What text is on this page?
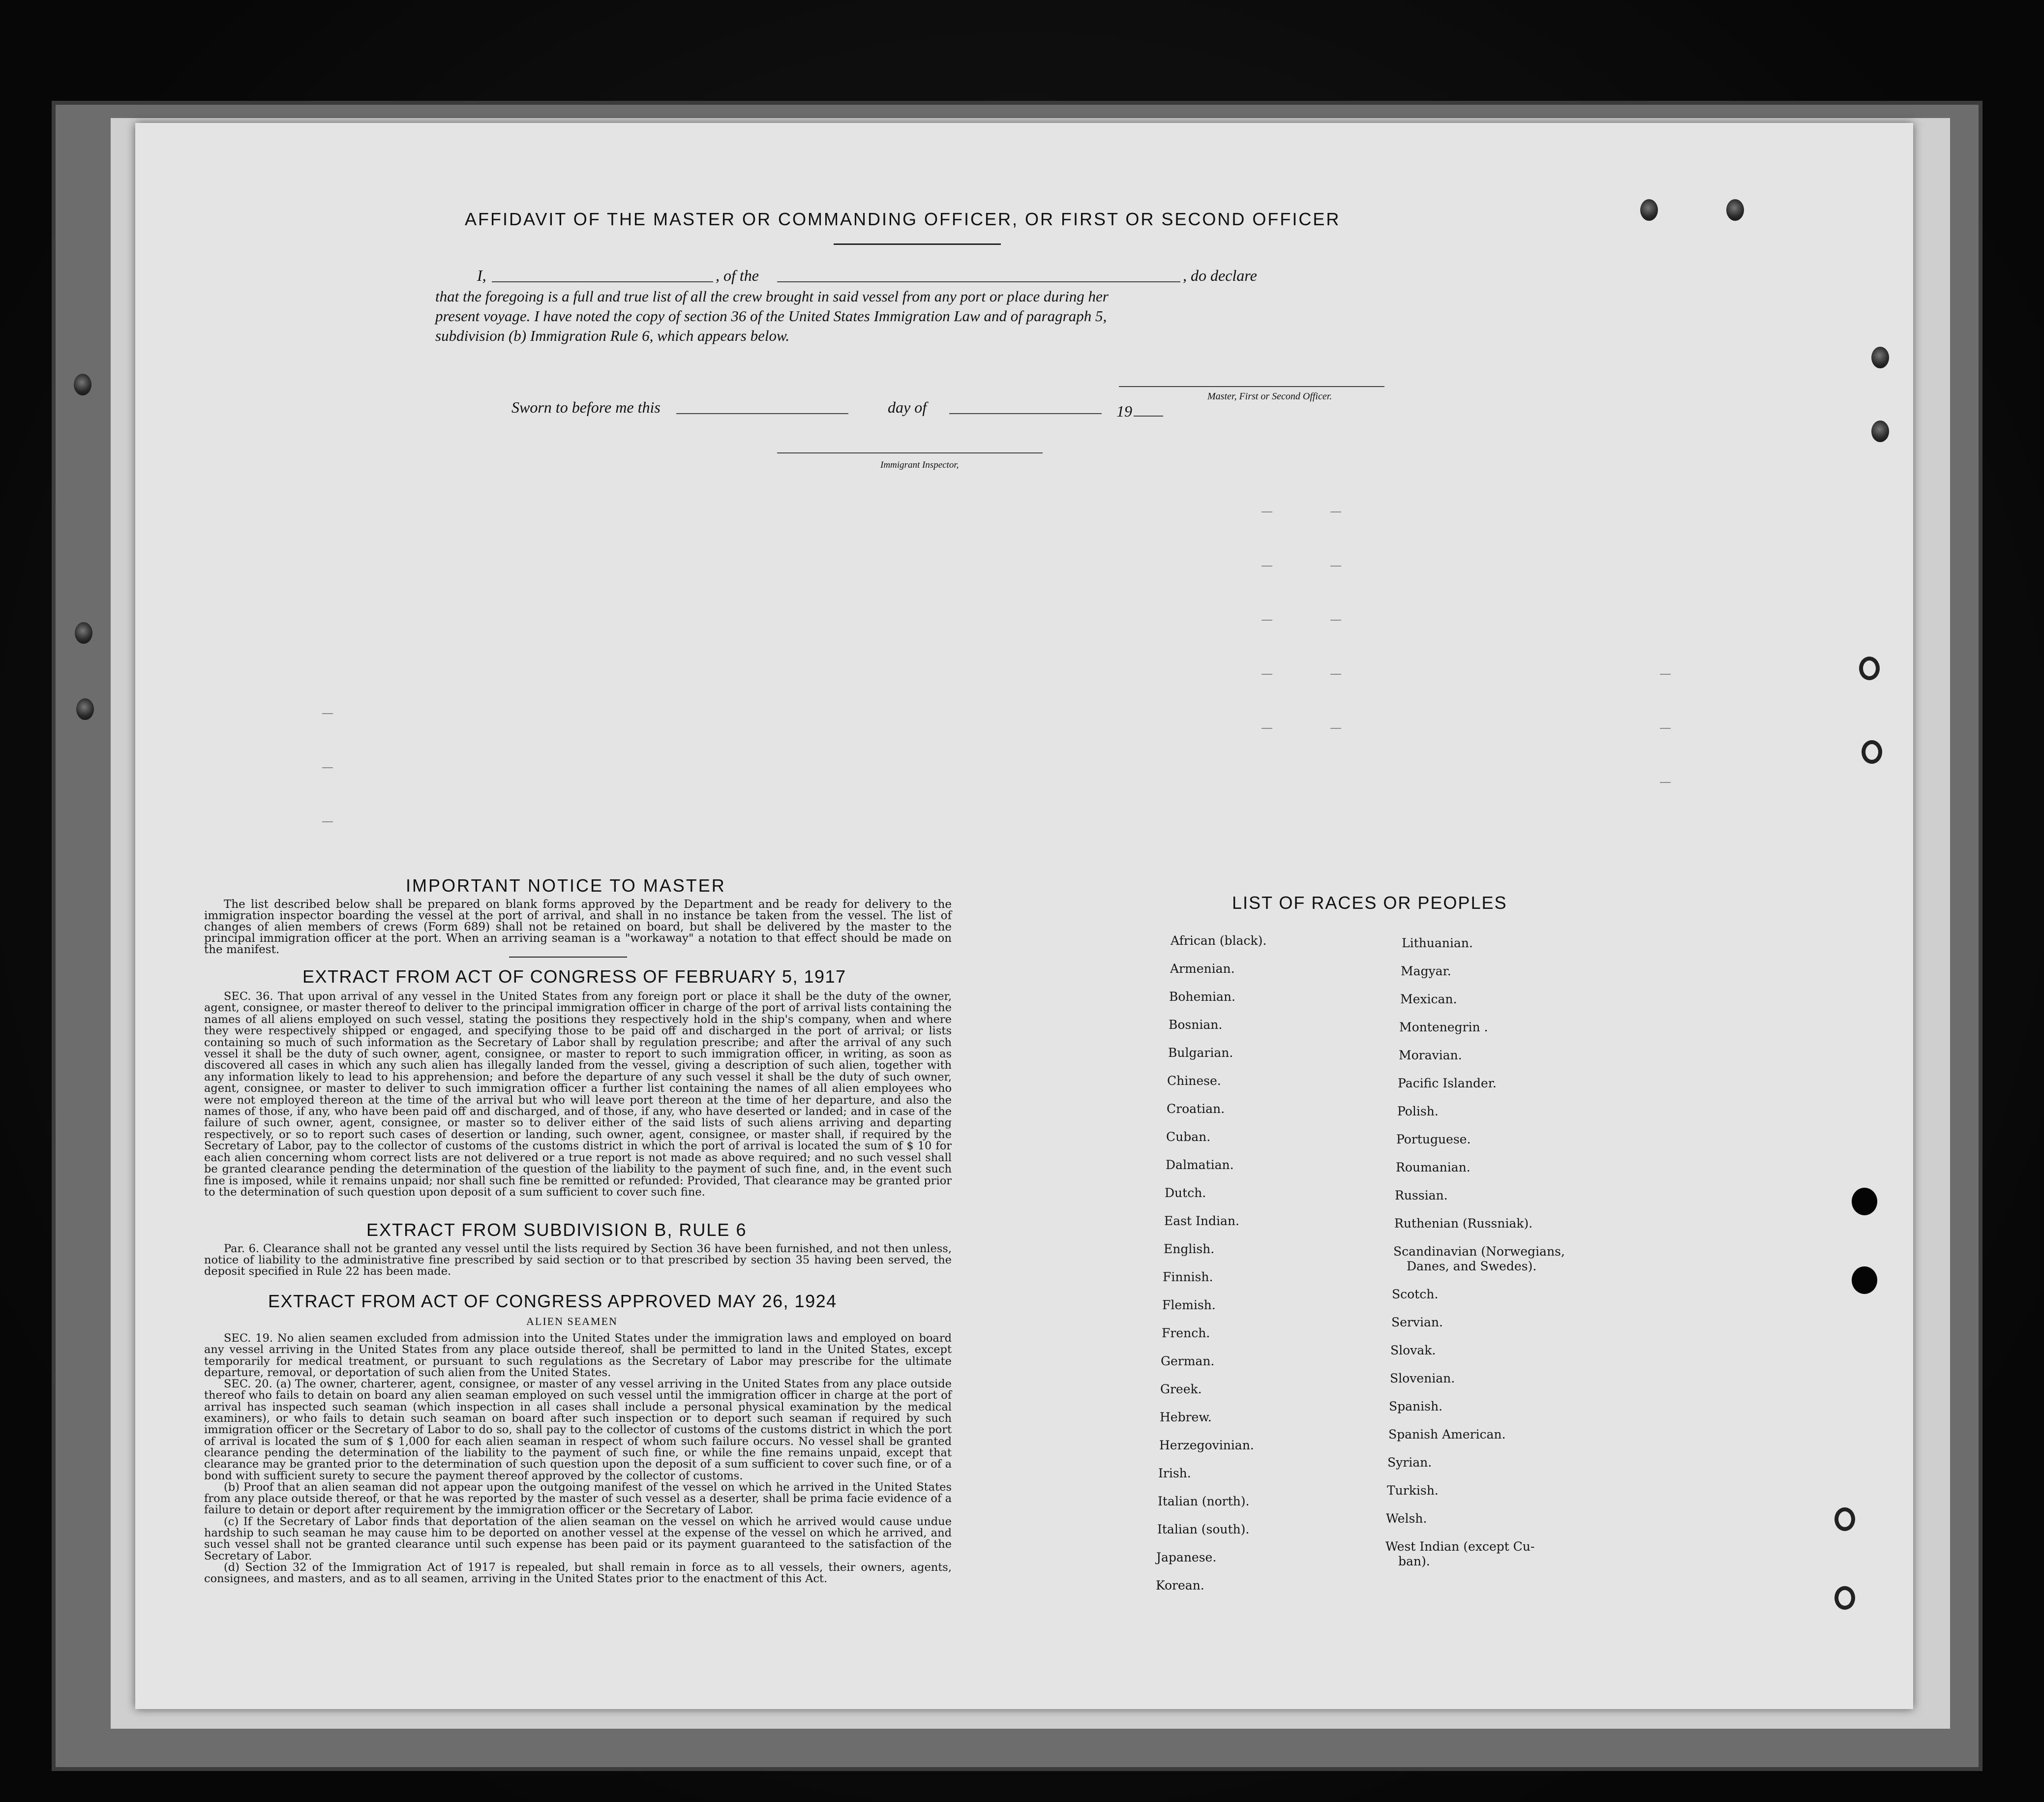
AFFIDAVIT OF THE MASTER OR COMMANDING OFFICER, OR FIRST OR SECOND OFFICER
I,	, of the	, do declare
that the foregoing is a full and true list of all the crew brought in said vessel from any port or place during her
present voyage. I have noted the copy of section 36 of the United States Immigration Law and of paragraph 5,
subdivision (b) Immigration Rule 6, which appears below.
Master, First or Second Officer.
Sworn to before me this	day of	19
Immigrant Inspector,
IMPORTANT NOTICE TO MASTER

The list described below shall be prepared on blank forms approved by the Department and be ready for delivery to the immigration inspector boarding the vessel at the port of arrival, and shall in no instance be taken from the vessel. The list of changes of alien members of crews (Form 689) shall not be retained on board, but shall be delivered by the master to the principal immigration officer at the port. When an arriving seaman is a "workaway" a notation to that effect should be made on the manifest.

EXTRACT FROM ACT OF CONGRESS OF FEBRUARY 5, 1917

SEC. 36. That upon arrival of any vessel in the United States from any foreign port or place it shall be the duty of the owner, agent, consignee, or master thereof to deliver to the principal immigration officer in charge of the port of arrival lists containing the names of all aliens employed on such vessel, stating the positions they respectively hold in the ship's company, when and where they were respectively shipped or engaged, and specifying those to be paid off and discharged in the port of arrival; or lists containing so much of such information as the Secretary of Labor shall by regulation prescribe; and after the arrival of any such vessel it shall be the duty of such owner, agent, consignee, or master to report to such immigration officer, in writing, as soon as discovered all cases in which any such alien has illegally landed from the vessel, giving a description of such alien, together with any information likely to lead to his apprehension; and before the departure of any such vessel it shall be the duty of such owner, agent, consignee, or master to deliver to such immigration officer a further list containing the names of all alien employees who were not employed thereon at the time of the arrival but who will leave port thereon at the time of her departure, and also the names of those, if any, who have been paid off and discharged, and of those, if any, who have deserted or landed; and in case of the failure of such owner, agent, consignee, or master so to deliver either of the said lists of such aliens arriving and departing respectively, or so to report such cases of desertion or landing, such owner, agent, consignee, or master shall, if required by the Secretary of Labor, pay to the collector of customs of the customs district in which the port of arrival is located the sum of $ 10 for each alien concerning whom correct lists are not delivered or a true report is not made as above required; and no such vessel shall be granted clearance pending the determination of the question of the liability to the payment of such fine, and, in the event such fine is imposed, while it remains unpaid; nor shall such fine be remitted or refunded: Provided, That clearance may be granted prior to the determination of such question upon deposit of a sum sufficient to cover such fine.

EXTRACT FROM SUBDIVISION B, RULE 6

Par. 6. Clearance shall not be granted any vessel until the lists required by Section 36 have been furnished, and not then unless, notice of liability to the administrative fine prescribed by said section or to that prescribed by section 35 having been served, the deposit specified in Rule 22 has been made.

EXTRACT FROM ACT OF CONGRESS APPROVED MAY 26, 1924
ALIEN SEAMEN

SEC. 19. No alien seamen excluded from admission into the United States under the immigration laws and employed on board any vessel arriving in the United States from any place outside thereof, shall be permitted to land in the United States, except temporarily for medical treatment, or pursuant to such regulations as the Secretary of Labor may prescribe for the ultimate departure, removal, or deportation of such alien from the United States.

SEC. 20. (a) The owner, charterer, agent, consignee, or master of any vessel arriving in the United States from any place outside thereof who fails to detain on board any alien seaman employed on such vessel until the immigration officer in charge at the port of arrival has inspected such seaman (which inspection in all cases shall include a personal physical examination by the medical examiners), or who fails to detain such seaman on board after such inspection or to deport such seaman if required by such immigration officer or the Secretary of Labor to do so, shall pay to the collector of customs of the customs district in which the port of arrival is located the sum of $ 1,000 for each alien seaman in respect of whom such failure occurs. No vessel shall be granted clearance pending the determination of the liability to the payment of such fine, or while the fine remains unpaid, except that clearance may be granted prior to the determination of such question upon the deposit of a sum sufficient to cover such fine, or of a bond with sufficient surety to secure the payment thereof approved by the collector of customs.

(b) Proof that an alien seaman did not appear upon the outgoing manifest of the vessel on which he arrived in the United States from any place outside thereof, or that he was reported by the master of such vessel as a deserter, shall be prima facie evidence of a failure to detain or deport after requirement by the immigration officer or the Secretary of Labor.

(c) If the Secretary of Labor finds that deportation of the alien seaman on the vessel on which he arrived would cause undue hardship to such seaman he may cause him to be deported on another vessel at the expense of the vessel on which he arrived, and such vessel shall not be granted clearance until such expense has been paid or its payment guaranteed to the satisfaction of the Secretary of Labor.

(d) Section 32 of the Immigration Act of 1917 is repealed, but shall remain in force as to all vessels, their owners, agents, consignees, and masters, and as to all seamen, arriving in the United States prior to the enactment of this Act.

LIST OF RACES OR PEOPLES
African (black).
Armenian.
Bohemian.
Bosnian.
Bulgarian.
Chinese.
Croatian.
Cuban.
Dalmatian.
Dutch.
East Indian.
English.
Finnish.
Flemish.
French.
German.
Greek.
Hebrew.
Herzegovinian.
Irish.
Italian (north).
Italian (south).
Japanese.
Korean.
Lithuanian.
Magyar.
Mexican.
Montenegrin .
Moravian.
Pacific Islander.
Polish.
Portuguese.
Roumanian.
Russian.
Ruthenian (Russniak).
Scandinavian (Norwegians,
Danes, and Swedes).
Scotch.
Servian.
Slovak.
Slovenian.
Spanish.
Spanish American.
Syrian.
Turkish.
Welsh.
West Indian (except Cu-
ban).
